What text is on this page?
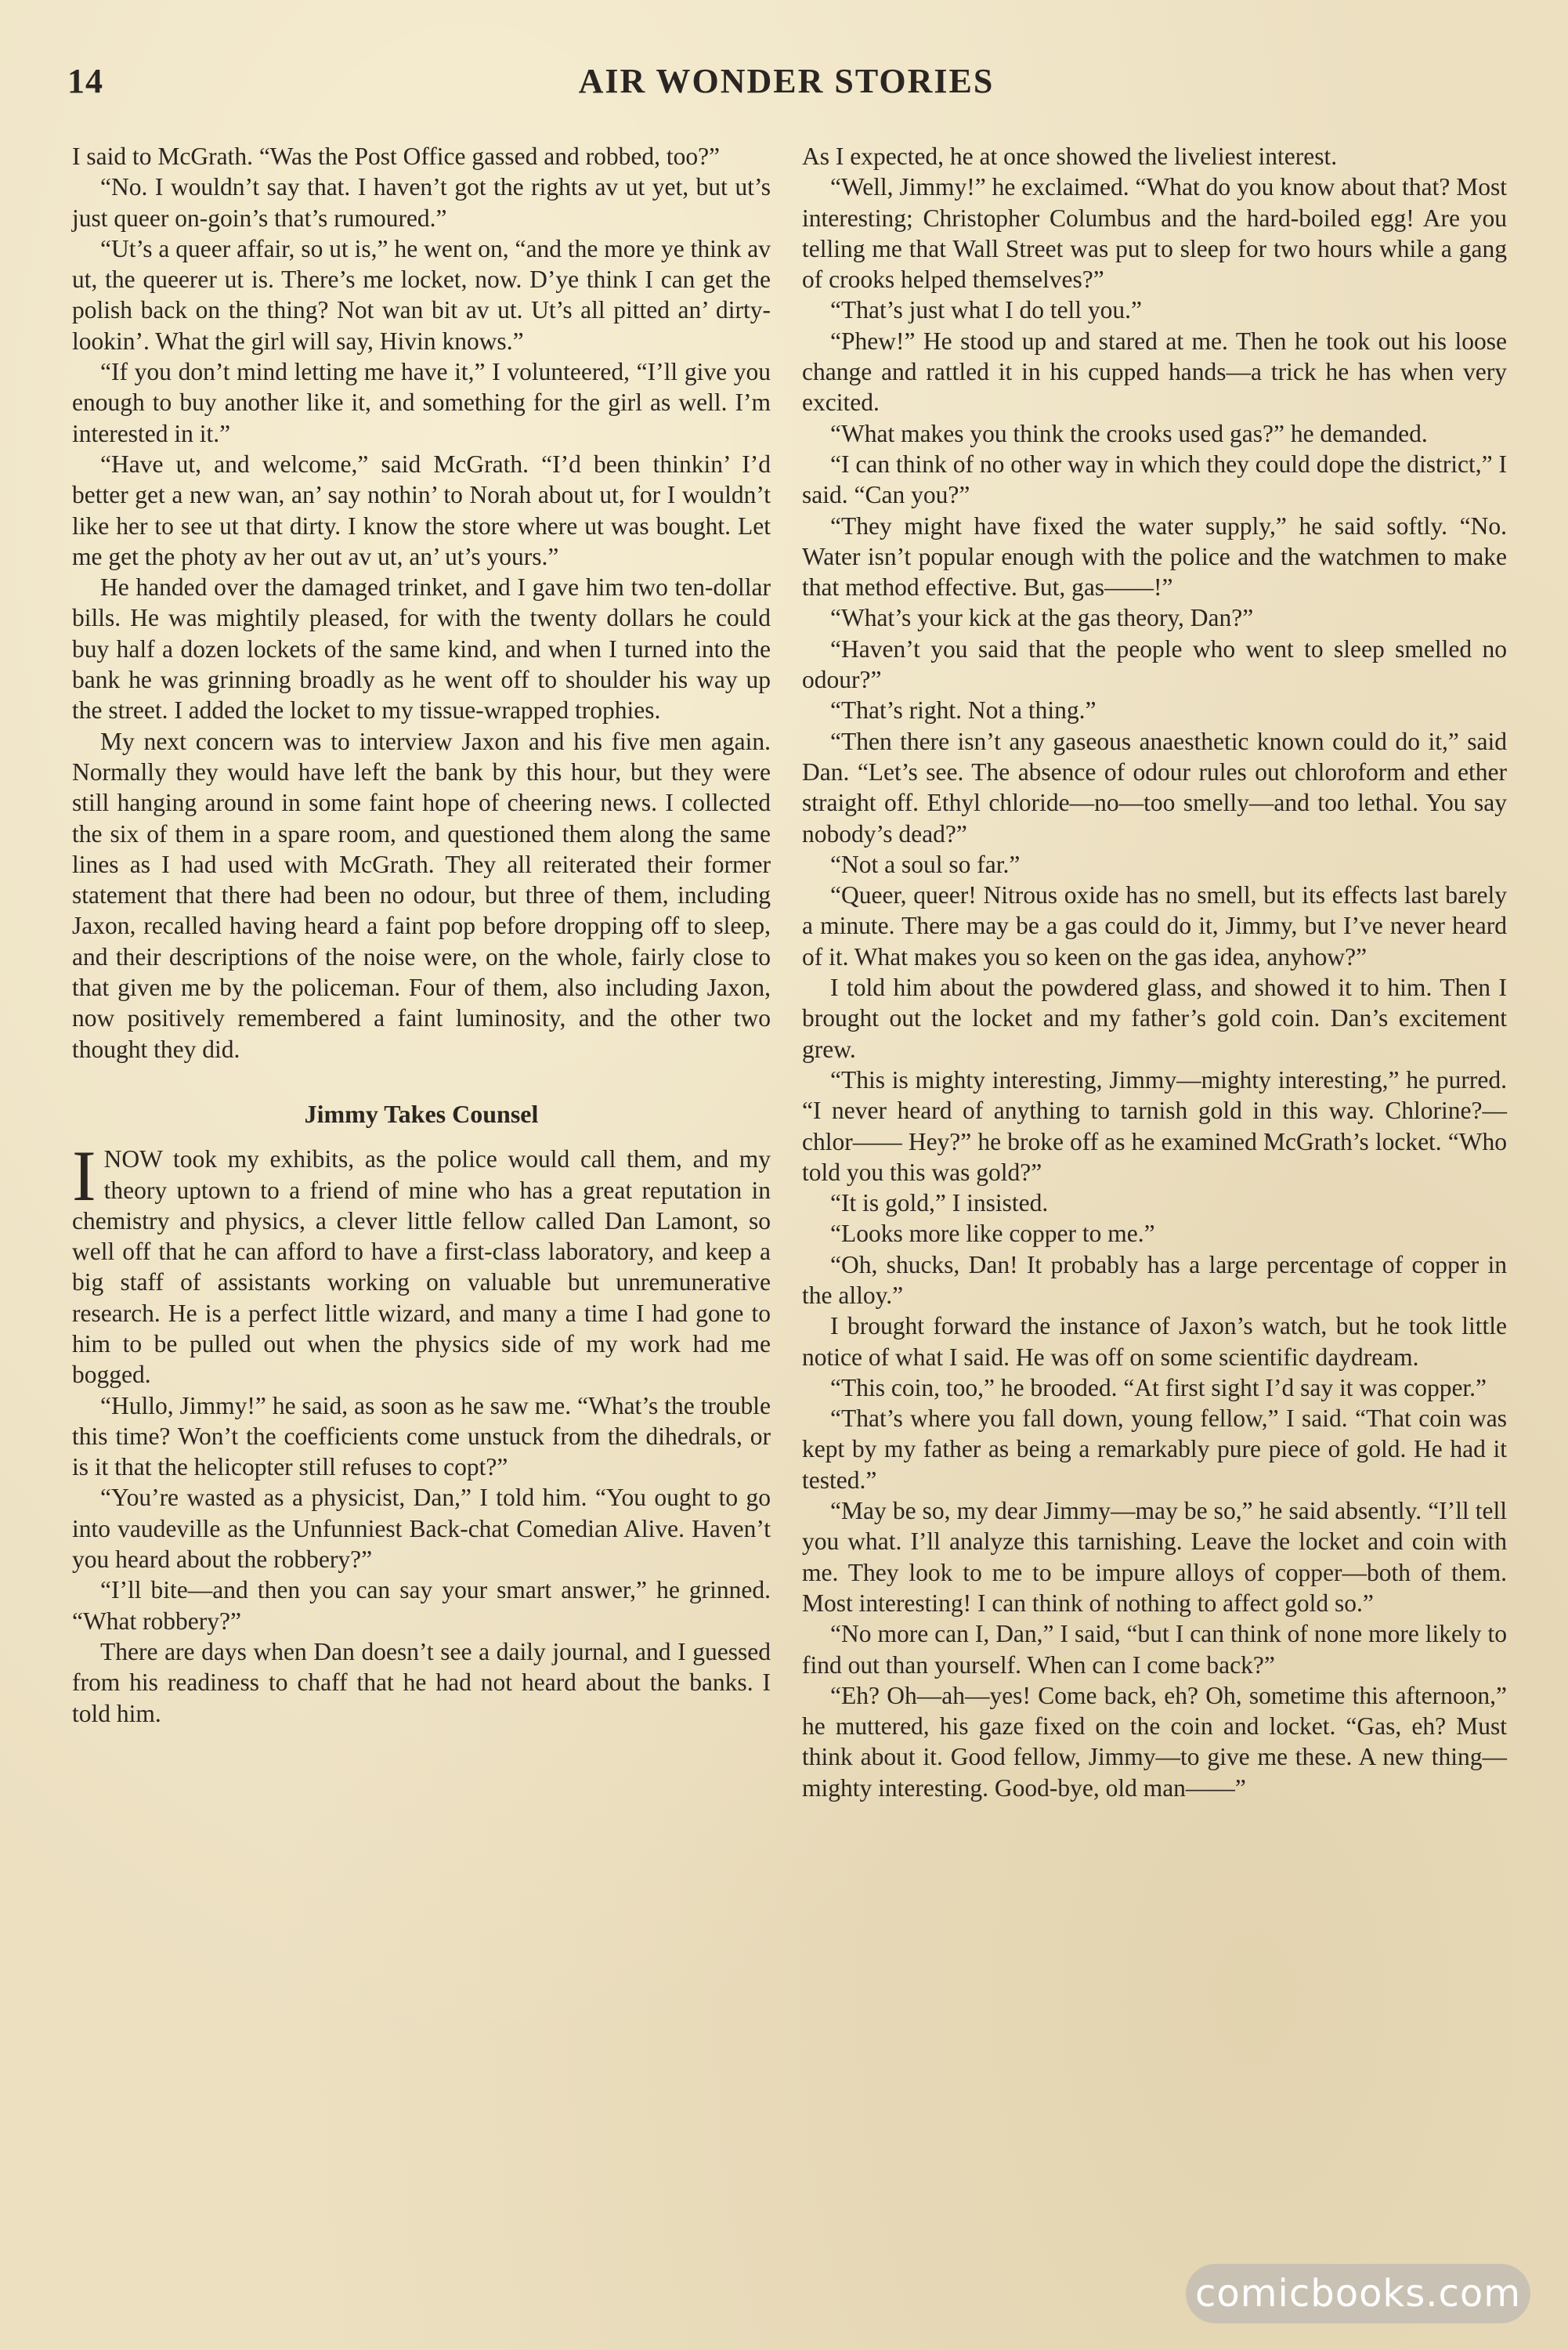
14	AIR WONDER STORIES

I said to McGrath. “Was the Post Office gassed and robbed, too?”

“No. I wouldn’t say that. I haven’t got the rights av ut yet, but ut’s just queer on-goin’s that’s rumoured.”

“Ut’s a queer affair, so ut is,” he went on, “and the more ye think av ut, the queerer ut is. There’s me locket, now. D’ye think I can get the polish back on the thing? Not wan bit av ut. Ut’s all pitted an’ dirty-lookin’. What the girl will say, Hivin knows.”

“If you don’t mind letting me have it,” I volunteered, “I’ll give you enough to buy another like it, and something for the girl as well. I’m interested in it.”

“Have ut, and welcome,” said McGrath. “I’d been thinkin’ I’d better get a new wan, an’ say nothin’ to Norah about ut, for I wouldn’t like her to see ut that dirty. I know the store where ut was bought. Let me get the photy av her out av ut, an’ ut’s yours.”

He handed over the damaged trinket, and I gave him two ten-dollar bills. He was mightily pleased, for with the twenty dollars he could buy half a dozen lockets of the same kind, and when I turned into the bank he was grinning broadly as he went off to shoulder his way up the street. I added the locket to my tissue-wrapped trophies.

My next concern was to interview Jaxon and his five men again. Normally they would have left the bank by this hour, but they were still hanging around in some faint hope of cheering news. I collected the six of them in a spare room, and questioned them along the same lines as I had used with McGrath. They all reiterated their former statement that there had been no odour, but three of them, including Jaxon, recalled having heard a faint pop before dropping off to sleep, and their descriptions of the noise were, on the whole, fairly close to that given me by the policeman. Four of them, also including Jaxon, now positively remembered a faint luminosity, and the other two thought they did.

Jimmy Takes Counsel

I NOW took my exhibits, as the police would call them, and my theory uptown to a friend of mine who has a great reputation in chemistry and physics, a clever little fellow called Dan Lamont, so well off that he can afford to have a first-class laboratory, and keep a big staff of assistants working on valuable but unremunerative research. He is a perfect little wizard, and many a time I had gone to him to be pulled out when the physics side of my work had me bogged.

“Hullo, Jimmy!” he said, as soon as he saw me. “What’s the trouble this time? Won’t the coefficients come unstuck from the dihedrals, or is it that the helicopter still refuses to copt?”

“You’re wasted as a physicist, Dan,” I told him. “You ought to go into vaudeville as the Unfunniest Back-chat Comedian Alive. Haven’t you heard about the robbery?”

“I’ll bite—and then you can say your smart answer,” he grinned. “What robbery?”

There are days when Dan doesn’t see a daily journal, and I guessed from his readiness to chaff that he had not heard about the banks. I told him.

As I expected, he at once showed the liveliest interest.

“Well, Jimmy!” he exclaimed. “What do you know about that? Most interesting; Christopher Columbus and the hard-boiled egg! Are you telling me that Wall Street was put to sleep for two hours while a gang of crooks helped themselves?”

“That’s just what I do tell you.”

“Phew!” He stood up and stared at me. Then he took out his loose change and rattled it in his cupped hands—a trick he has when very excited.

“What makes you think the crooks used gas?” he demanded.

“I can think of no other way in which they could dope the district,” I said. “Can you?”

“They might have fixed the water supply,” he said softly. “No. Water isn’t popular enough with the police and the watchmen to make that method effective. But, gas——!”

“What’s your kick at the gas theory, Dan?”

“Haven’t you said that the people who went to sleep smelled no odour?”

“That’s right. Not a thing.”

“Then there isn’t any gaseous anaesthetic known could do it,” said Dan. “Let’s see. The absence of odour rules out chloroform and ether straight off. Ethyl chloride—no—too smelly—and too lethal. You say nobody’s dead?”

“Not a soul so far.”

“Queer, queer! Nitrous oxide has no smell, but its effects last barely a minute. There may be a gas could do it, Jimmy, but I’ve never heard of it. What makes you so keen on the gas idea, anyhow?”

I told him about the powdered glass, and showed it to him. Then I brought out the locket and my father’s gold coin. Dan’s excitement grew.

“This is mighty interesting, Jimmy—mighty interesting,” he purred. “I never heard of anything to tarnish gold in this way. Chlorine?—chlor—— Hey?” he broke off as he examined McGrath’s locket. “Who told you this was gold?”

“It is gold,” I insisted.

“Looks more like copper to me.”

“Oh, shucks, Dan! It probably has a large percentage of copper in the alloy.”

I brought forward the instance of Jaxon’s watch, but he took little notice of what I said. He was off on some scientific daydream.

“This coin, too,” he brooded. “At first sight I’d say it was copper.”

“That’s where you fall down, young fellow,” I said. “That coin was kept by my father as being a remarkably pure piece of gold. He had it tested.”

“May be so, my dear Jimmy—may be so,” he said absently. “I’ll tell you what. I’ll analyze this tarnishing. Leave the locket and coin with me. They look to me to be impure alloys of copper—both of them. Most interesting! I can think of nothing to affect gold so.”

“No more can I, Dan,” I said, “but I can think of none more likely to find out than yourself. When can I come back?”

“Eh? Oh—ah—yes! Come back, eh? Oh, sometime this afternoon,” he muttered, his gaze fixed on the coin and locket. “Gas, eh? Must think about it. Good fellow, Jimmy—to give me these. A new thing—mighty interesting. Good-bye, old man——”

comicbooks.com
